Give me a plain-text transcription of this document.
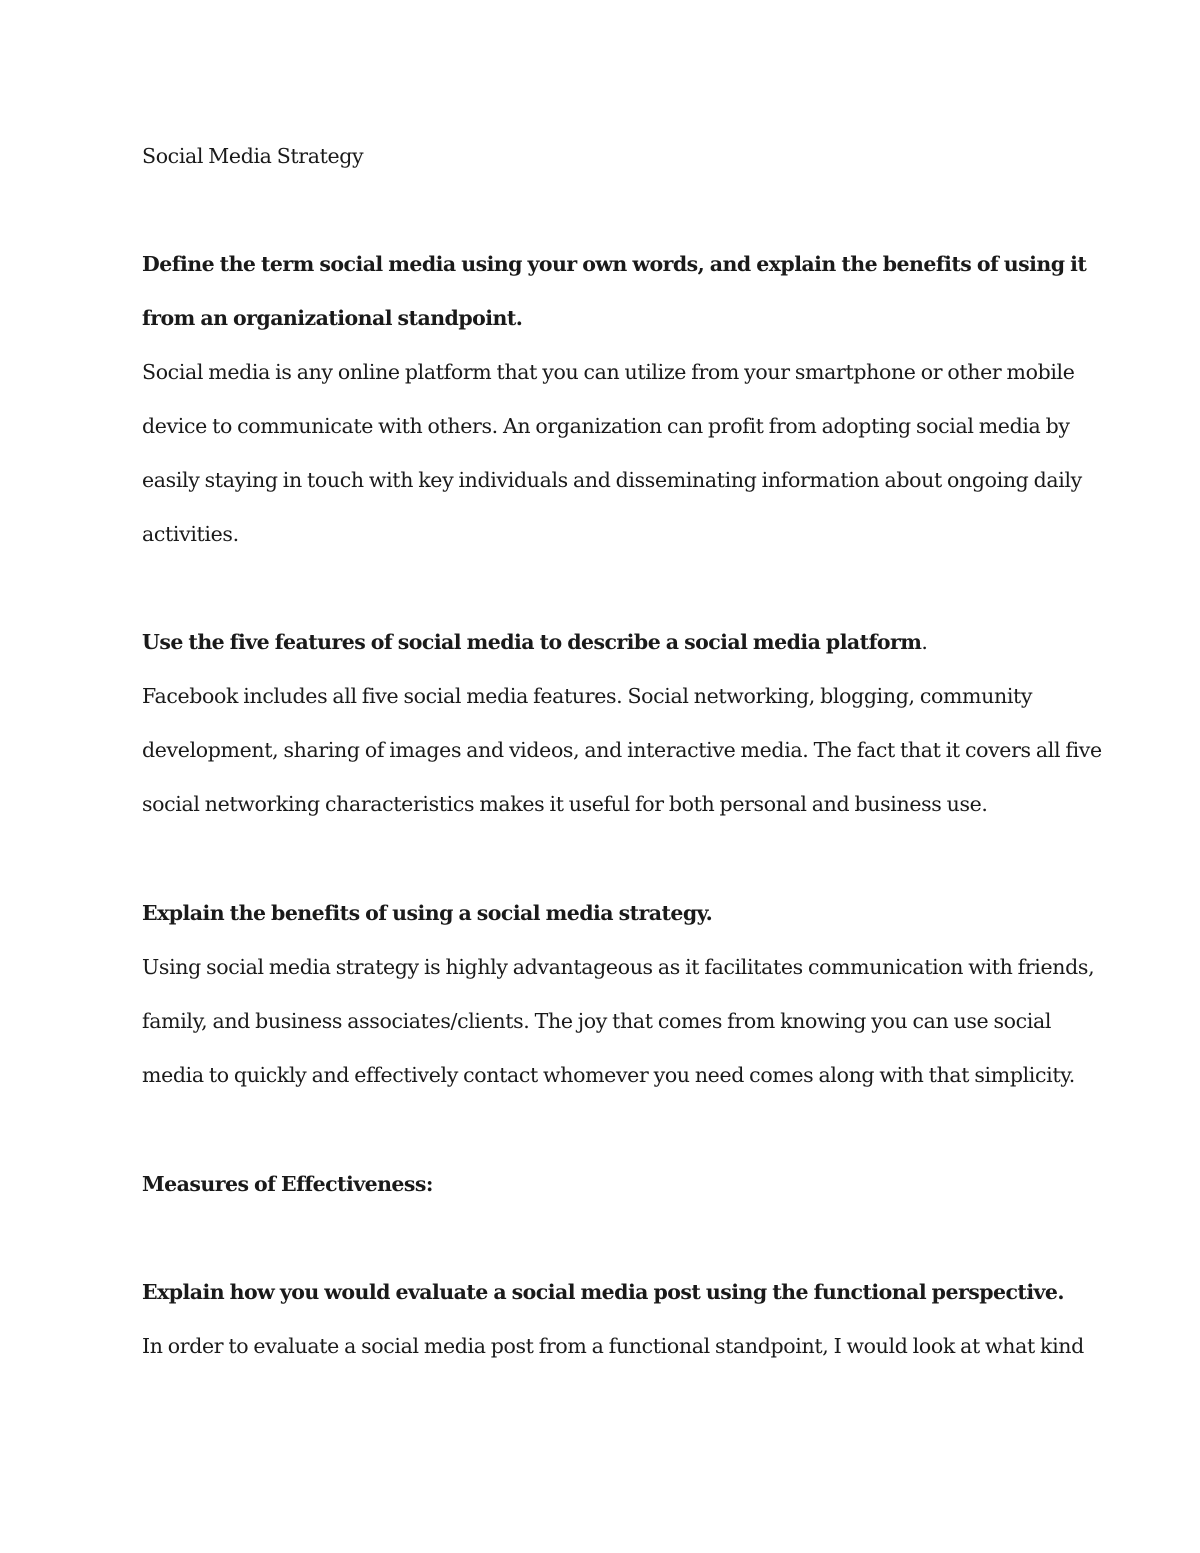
Social Media Strategy
Define the term social media using your own words, and explain the benefits of using it
from an organizational standpoint.
Social media is any online platform that you can utilize from your smartphone or other mobile
device to communicate with others. An organization can profit from adopting social media by
easily staying in touch with key individuals and disseminating information about ongoing daily
activities.
Use the five features of social media to describe a social media platform.
Facebook includes all five social media features. Social networking, blogging, community
development, sharing of images and videos, and interactive media. The fact that it covers all five
social networking characteristics makes it useful for both personal and business use.
Explain the benefits of using a social media strategy.
Using social media strategy is highly advantageous as it facilitates communication with friends,
family, and business associates/clients. The joy that comes from knowing you can use social
media to quickly and effectively contact whomever you need comes along with that simplicity.
Measures of Effectiveness:
Explain how you would evaluate a social media post using the functional perspective.
In order to evaluate a social media post from a functional standpoint, I would look at what kind
